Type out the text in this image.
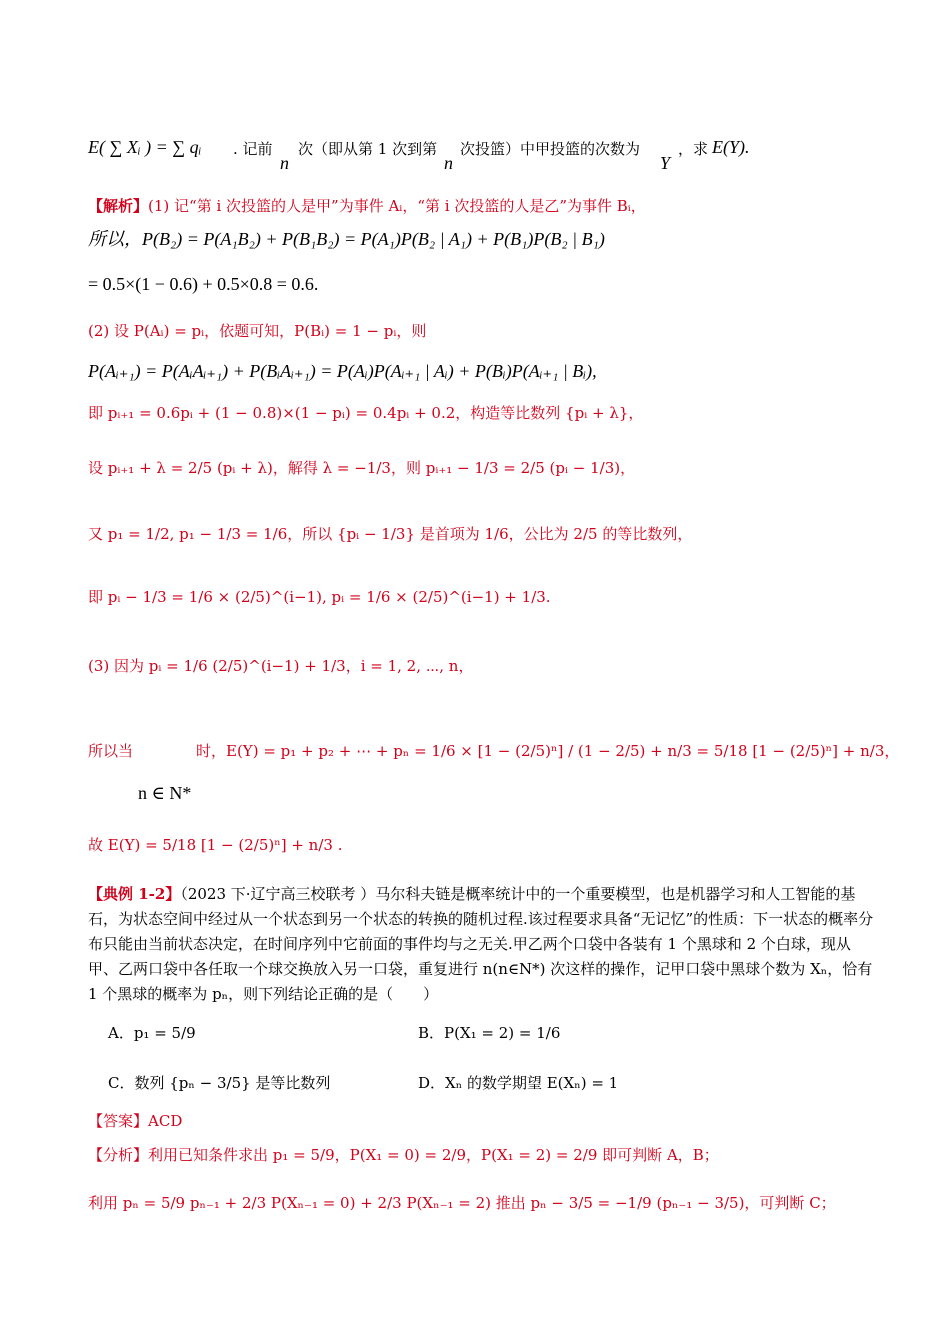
E( ∑ Xᵢ ) = ∑ qᵢ	. 记前
n
次（即从第 1 次到第
n
次投篮）中甲投篮的次数为
Y
，求 E(Y).
【解析】(1) 记“第 i 次投篮的人是甲”为事件 Aᵢ，“第 i 次投篮的人是乙”为事件 Bᵢ，
所以，P(B₂) = P(A₁B₂) + P(B₁B₂) = P(A₁)P(B₂ | A₁) + P(B₁)P(B₂ | B₁)
= 0.5×(1 − 0.6) + 0.5×0.8 = 0.6.
(2) 设 P(Aᵢ) = pᵢ，依题可知，P(Bᵢ) = 1 − pᵢ，则
P(Aᵢ₊₁) = P(AᵢAᵢ₊₁) + P(BᵢAᵢ₊₁) = P(Aᵢ)P(Aᵢ₊₁ | Aᵢ) + P(Bᵢ)P(Aᵢ₊₁ | Bᵢ),
即 pᵢ₊₁ = 0.6pᵢ + (1 − 0.8)×(1 − pᵢ) = 0.4pᵢ + 0.2，构造等比数列 {pᵢ + λ}，
设 pᵢ₊₁ + λ = 2/5 (pᵢ + λ)，解得 λ = −1/3，则 pᵢ₊₁ − 1/3 = 2/5 (pᵢ − 1/3)，
又 p₁ = 1/2, p₁ − 1/3 = 1/6，所以 {pᵢ − 1/3} 是首项为 1/6，公比为 2/5 的等比数列，
即 pᵢ − 1/3 = 1/6 × (2/5)^(i−1), pᵢ = 1/6 × (2/5)^(i−1) + 1/3.
(3) 因为 pᵢ = 1/6 (2/5)^(i−1) + 1/3，i = 1, 2, ⋯, n，
所以当	时，E(Y) = p₁ + p₂ + ⋯ + pₙ = 1/6 × [1 − (2/5)ⁿ] / (1 − 2/5) + n/3 = 5/18 [1 − (2/5)ⁿ] + n/3，
n ∈ N*
故 E(Y) = 5/18 [1 − (2/5)ⁿ] + n/3 .
【典例 1-2】（2023 下·辽宁高三校联考 ）马尔科夫链是概率统计中的一个重要模型，也是机器学习和人工智能的基石，为状态空间中经过从一个状态到另一个状态的转换的随机过程.该过程要求具备“无记忆”的性质：下一状态的概率分布只能由当前状态决定，在时间序列中它前面的事件均与之无关.甲乙两个口袋中各装有 1 个黑球和 2 个白球，现从甲、乙两口袋中各任取一个球交换放入另一口袋，重复进行 n(n∈N*) 次这样的操作，记甲口袋中黑球个数为 Xₙ，恰有 1 个黑球的概率为 pₙ，则下列结论正确的是（　　）
A．p₁ = 5/9	B．P(X₁ = 2) = 1/6
C．数列 {pₙ − 3/5} 是等比数列	D．Xₙ 的数学期望 E(Xₙ) = 1
【答案】ACD
【分析】利用已知条件求出 p₁ = 5/9，P(X₁ = 0) = 2/9，P(X₁ = 2) = 2/9 即可判断 A，B；
利用 pₙ = 5/9 pₙ₋₁ + 2/3 P(Xₙ₋₁ = 0) + 2/3 P(Xₙ₋₁ = 2) 推出 pₙ − 3/5 = −1/9 (pₙ₋₁ − 3/5)，可判断 C；
